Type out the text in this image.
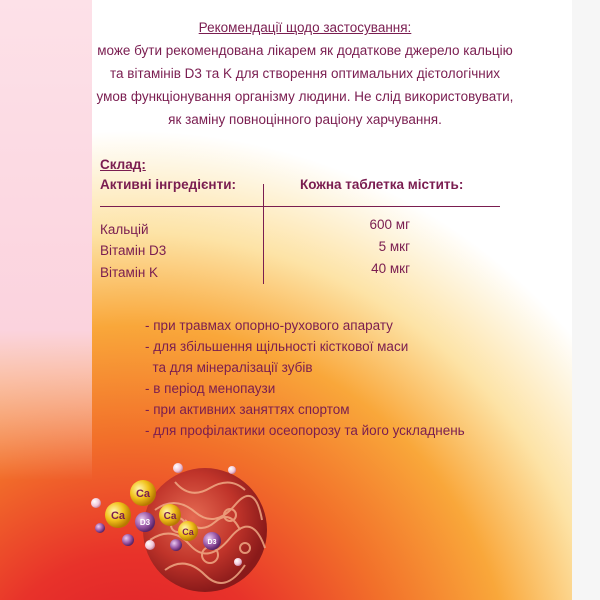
Рекомендації щодо застосування:
може бути рекомендована лікарем як додаткове джерело кальцію
та вітамінів D3 та K для створення оптимальних дієтологічних
умов функціонування організму людини. Не слід використовувати,
як заміну повноцінного раціону харчування.
Склад:
Активні інгредієнти:	Кожна таблетка містить:
Кальцій	600 мг
Вітамін D3	5 мкг
Вітамін K	40 мкг
- при травмах опорно-рухового апарату
- для збільшення щільності кісткової маси
та для мінералізації зубів
- в період менопаузи
- при активних заняттях спортом
- для профілактики осеопорозу та його ускладнень
Ca
Ca
D3
Ca
D3
Ca
